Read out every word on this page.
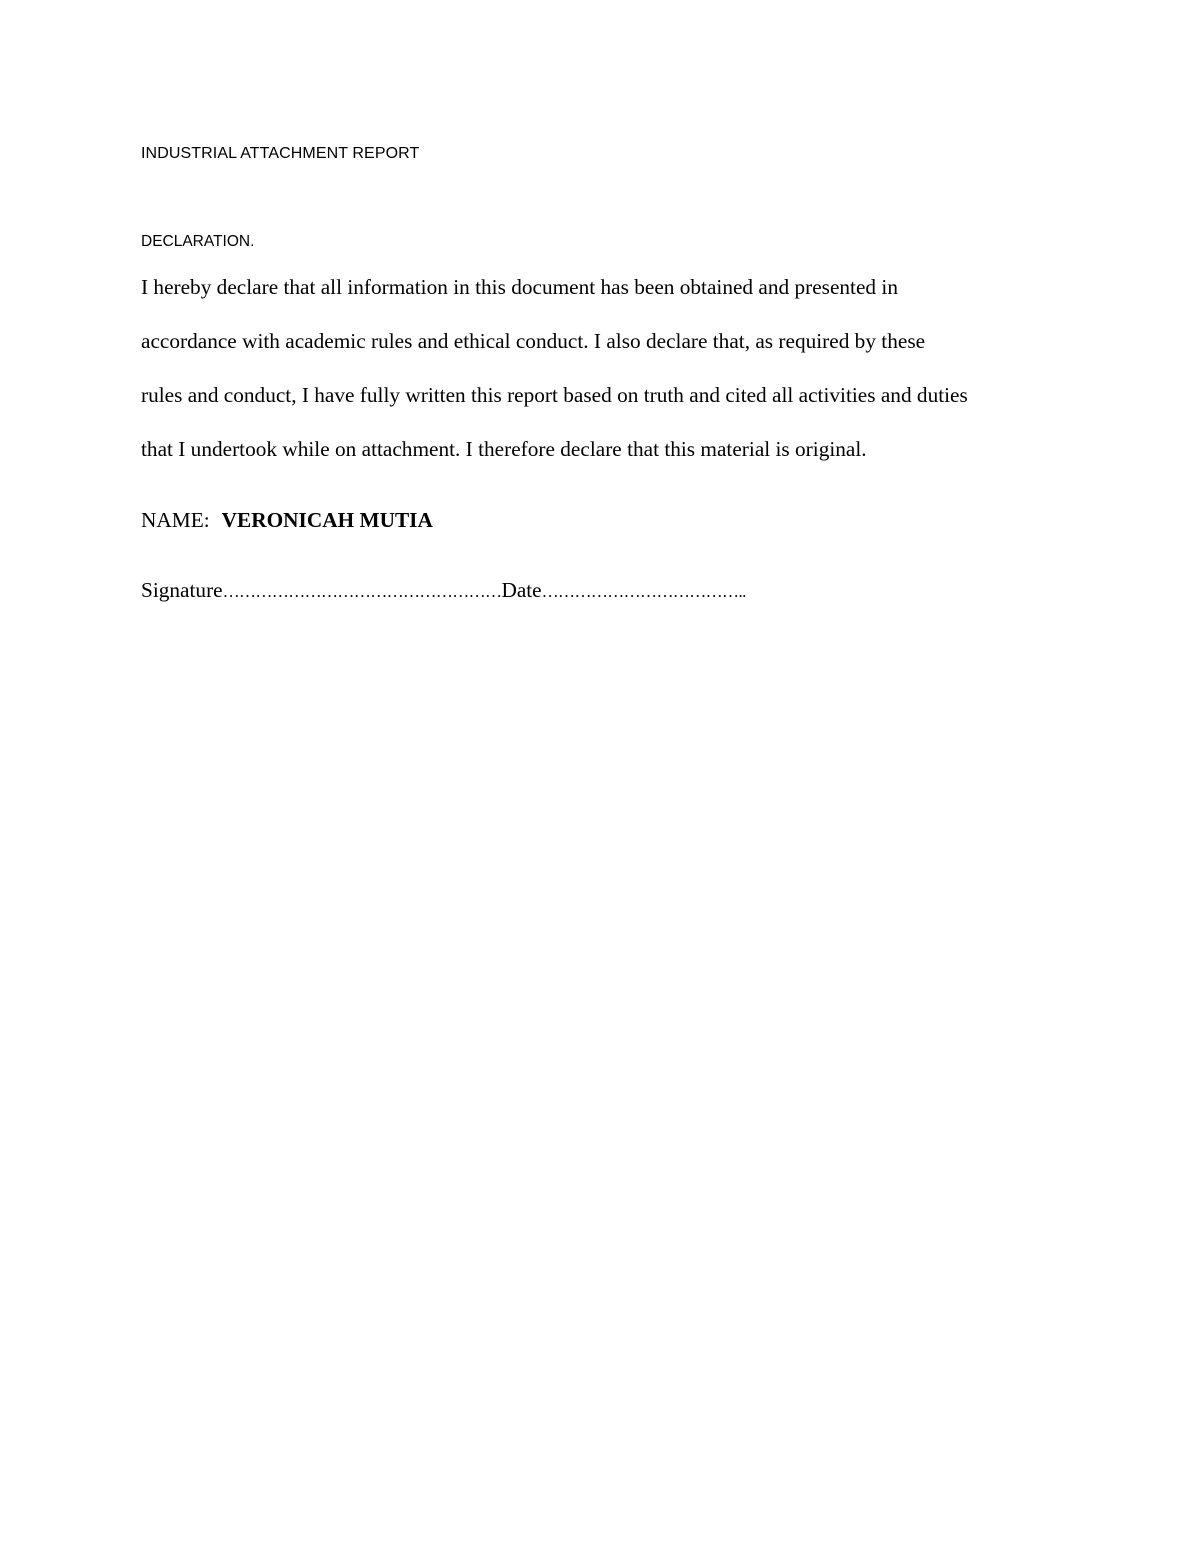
INDUSTRIAL ATTACHMENT REPORT
DECLARATION.
I hereby declare that all information in this document has been obtained and presented in
accordance with academic rules and ethical conduct. I also declare that, as required by these
rules and conduct, I have fully written this report based on truth and cited all activities and duties
that I undertook while on attachment. I therefore declare that this material is original.
NAME: VERONICAH MUTIA
Signature……………………………………………Date………………………………..
